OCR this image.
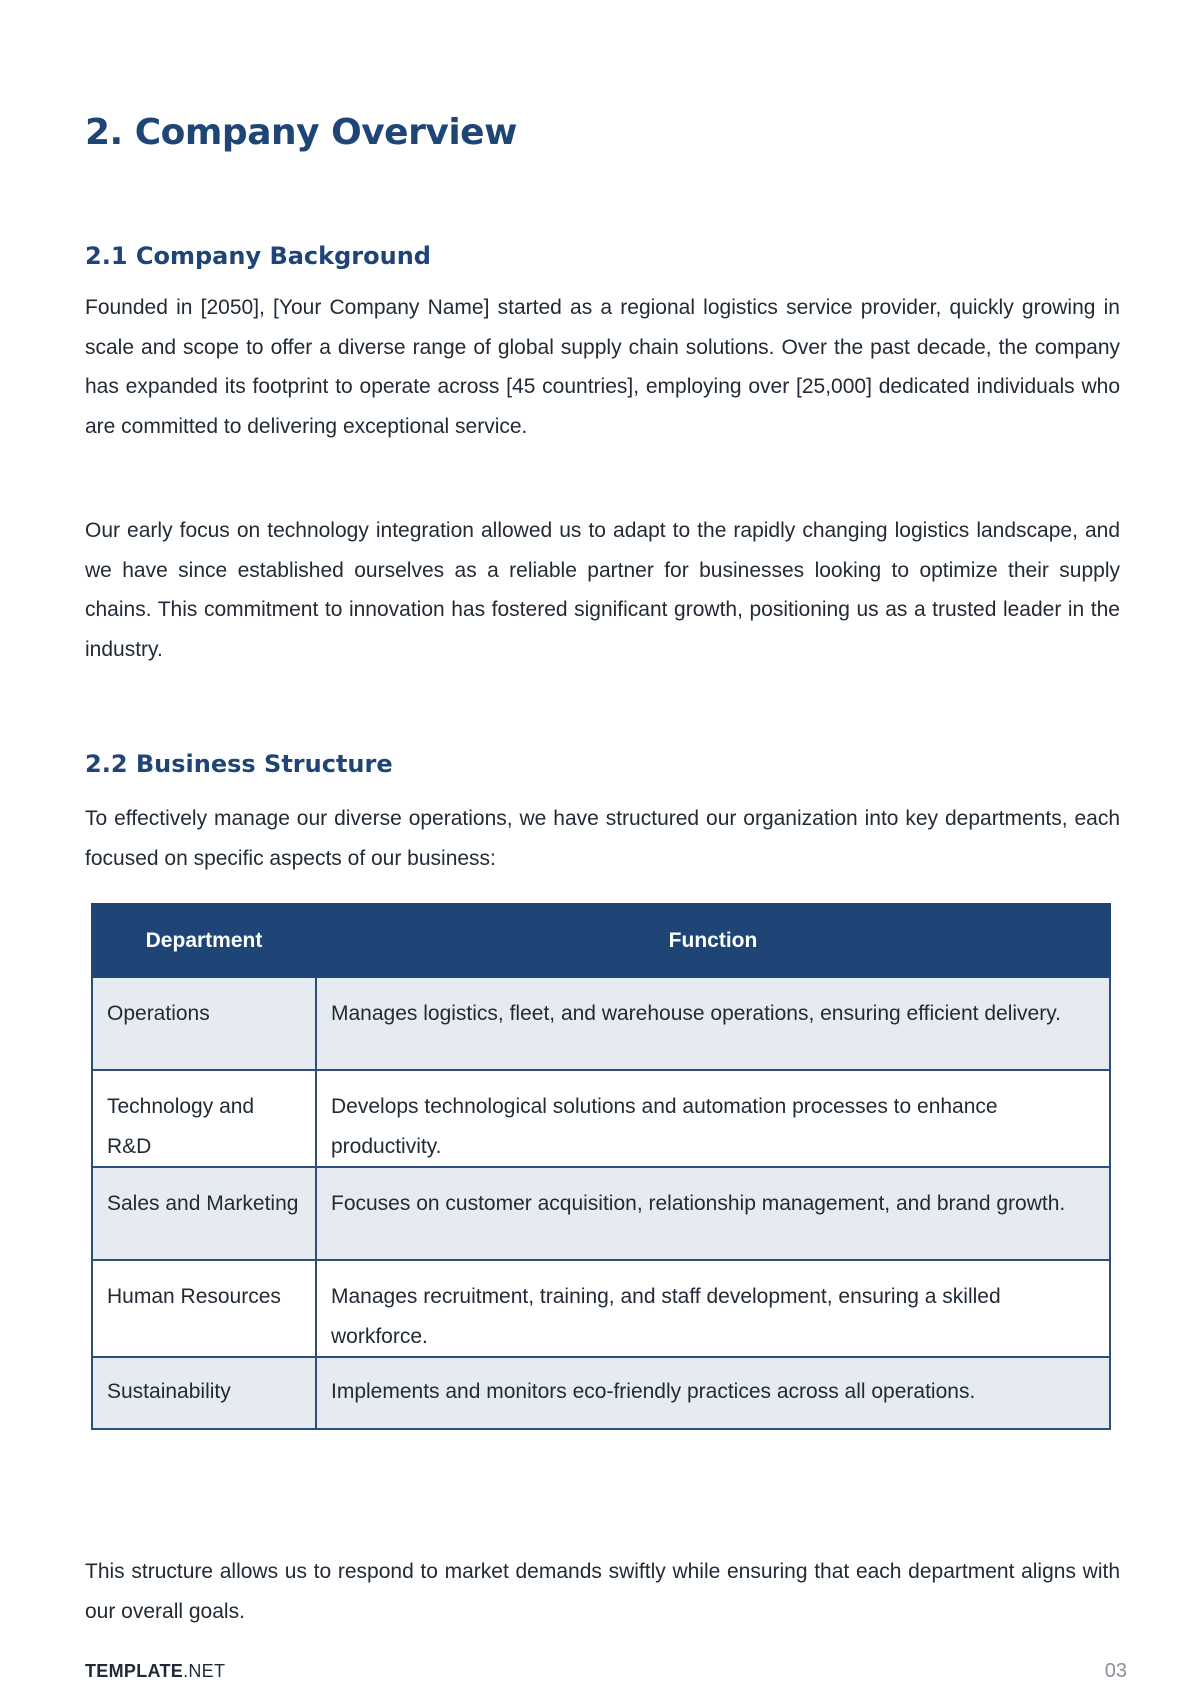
2. Company Overview
2.1 Company Background

Founded in [2050], [Your Company Name] started as a regional logistics service provider, quickly growing in scale and scope to offer a diverse range of global supply chain solutions. Over the past decade, the company has expanded its footprint to operate across [45 countries], employing over [25,000] dedicated individuals who are committed to delivering exceptional service.

Our early focus on technology integration allowed us to adapt to the rapidly changing logistics landscape, and we have since established ourselves as a reliable partner for businesses looking to optimize their supply chains. This commitment to innovation has fostered significant growth, positioning us as a trusted leader in the industry.

2.2 Business Structure

To effectively manage our diverse operations, we have structured our organization into key departments, each focused on specific aspects of our business:

Department	Function
Operations	Manages logistics, fleet, and warehouse operations, ensuring efficient delivery.
Technology and R&D	Develops technological solutions and automation processes to enhance productivity.
Sales and Marketing	Focuses on customer acquisition, relationship management, and brand growth.
Human Resources	Manages recruitment, training, and staff development, ensuring a skilled workforce.
Sustainability	Implements and monitors eco-friendly practices across all operations.

This structure allows us to respond to market demands swiftly while ensuring that each department aligns with our overall goals.

TEMPLATE.NET	03
